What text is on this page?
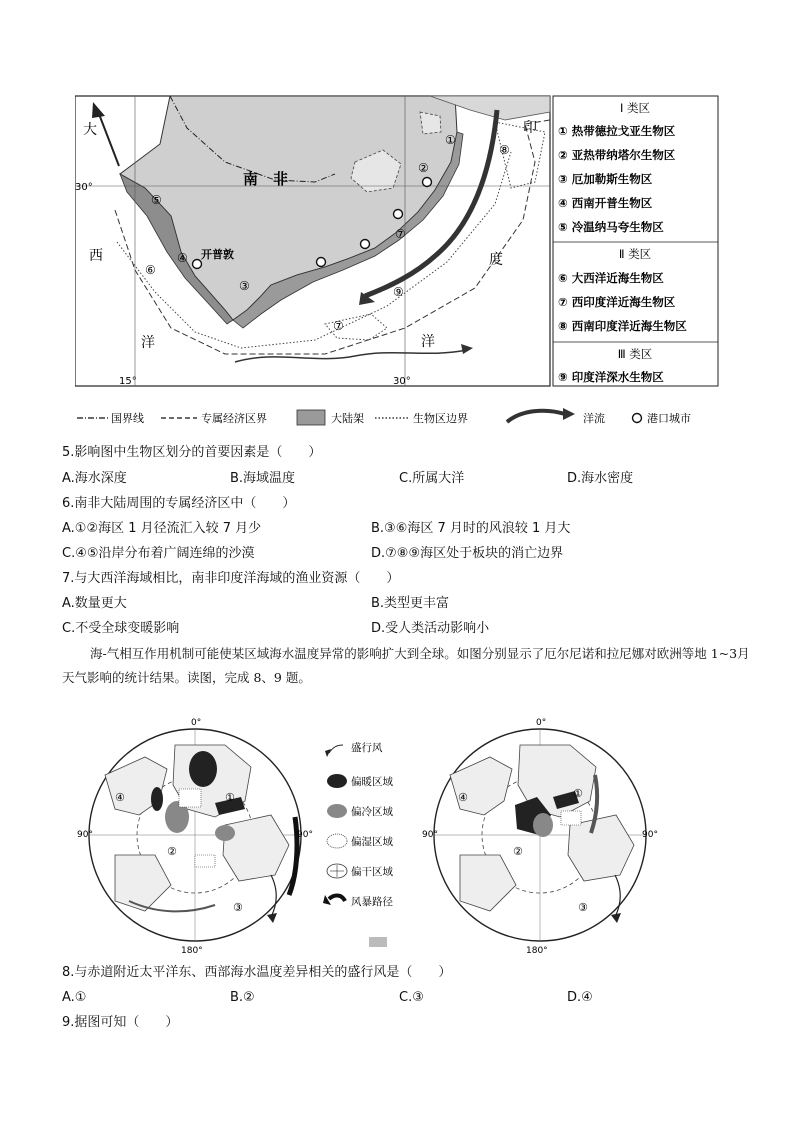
大
西
洋
印
度
洋
南　非
开普敦
15°	30°
30°
①
②
③
④
⑤
⑥
⑦
⑧
⑨
⑦
Ⅰ 类区
① 热带德拉戈亚生物区
② 亚热带纳塔尔生物区
③ 厄加勒斯生物区
④ 西南开普生物区
⑤ 冷温纳马夸生物区
Ⅱ 类区
⑥ 大西洋近海生物区
⑦ 西印度洋近海生物区
⑧ 西南印度洋近海生物区
Ⅲ 类区
⑨ 印度洋深水生物区
国界线	专属经济区界	大陆架	生物区边界	洋流	港口城市
5.影响图中生物区划分的首要因素是（　　）
A.海水深度	B.海域温度	C.所属大洋	D.海水密度
6.南非大陆周围的专属经济区中（　　）
A.①②海区 1 月径流汇入较 7 月少	B.③⑥海区 7 月时的风浪较 1 月大
C.④⑤沿岸分布着广阔连绵的沙漠	D.⑦⑧⑨海区处于板块的消亡边界
7.与大西洋海域相比，南非印度洋海域的渔业资源（　　）
A.数量更大	B.类型更丰富
C.不受全球变暖影响	D.受人类活动影响小
海-气相互作用机制可能使某区域海水温度异常的影响扩大到全球。如图分别显示了厄尔尼诺和拉尼娜对欧洲等地 1~3月天气影响的统计结果。读图，完成 8、9 题。
0°
90°	90°
180°
①
②
③
④
盛行风
偏暖区域
偏冷区域
偏湿区域
偏干区域
风暴路径
0°
90°	90°
180°
①
②
③
④
8.与赤道附近太平洋东、西部海水温度差异相关的盛行风是（　　）
A.①	B.②	C.③	D.④
9.据图可知（　　）
